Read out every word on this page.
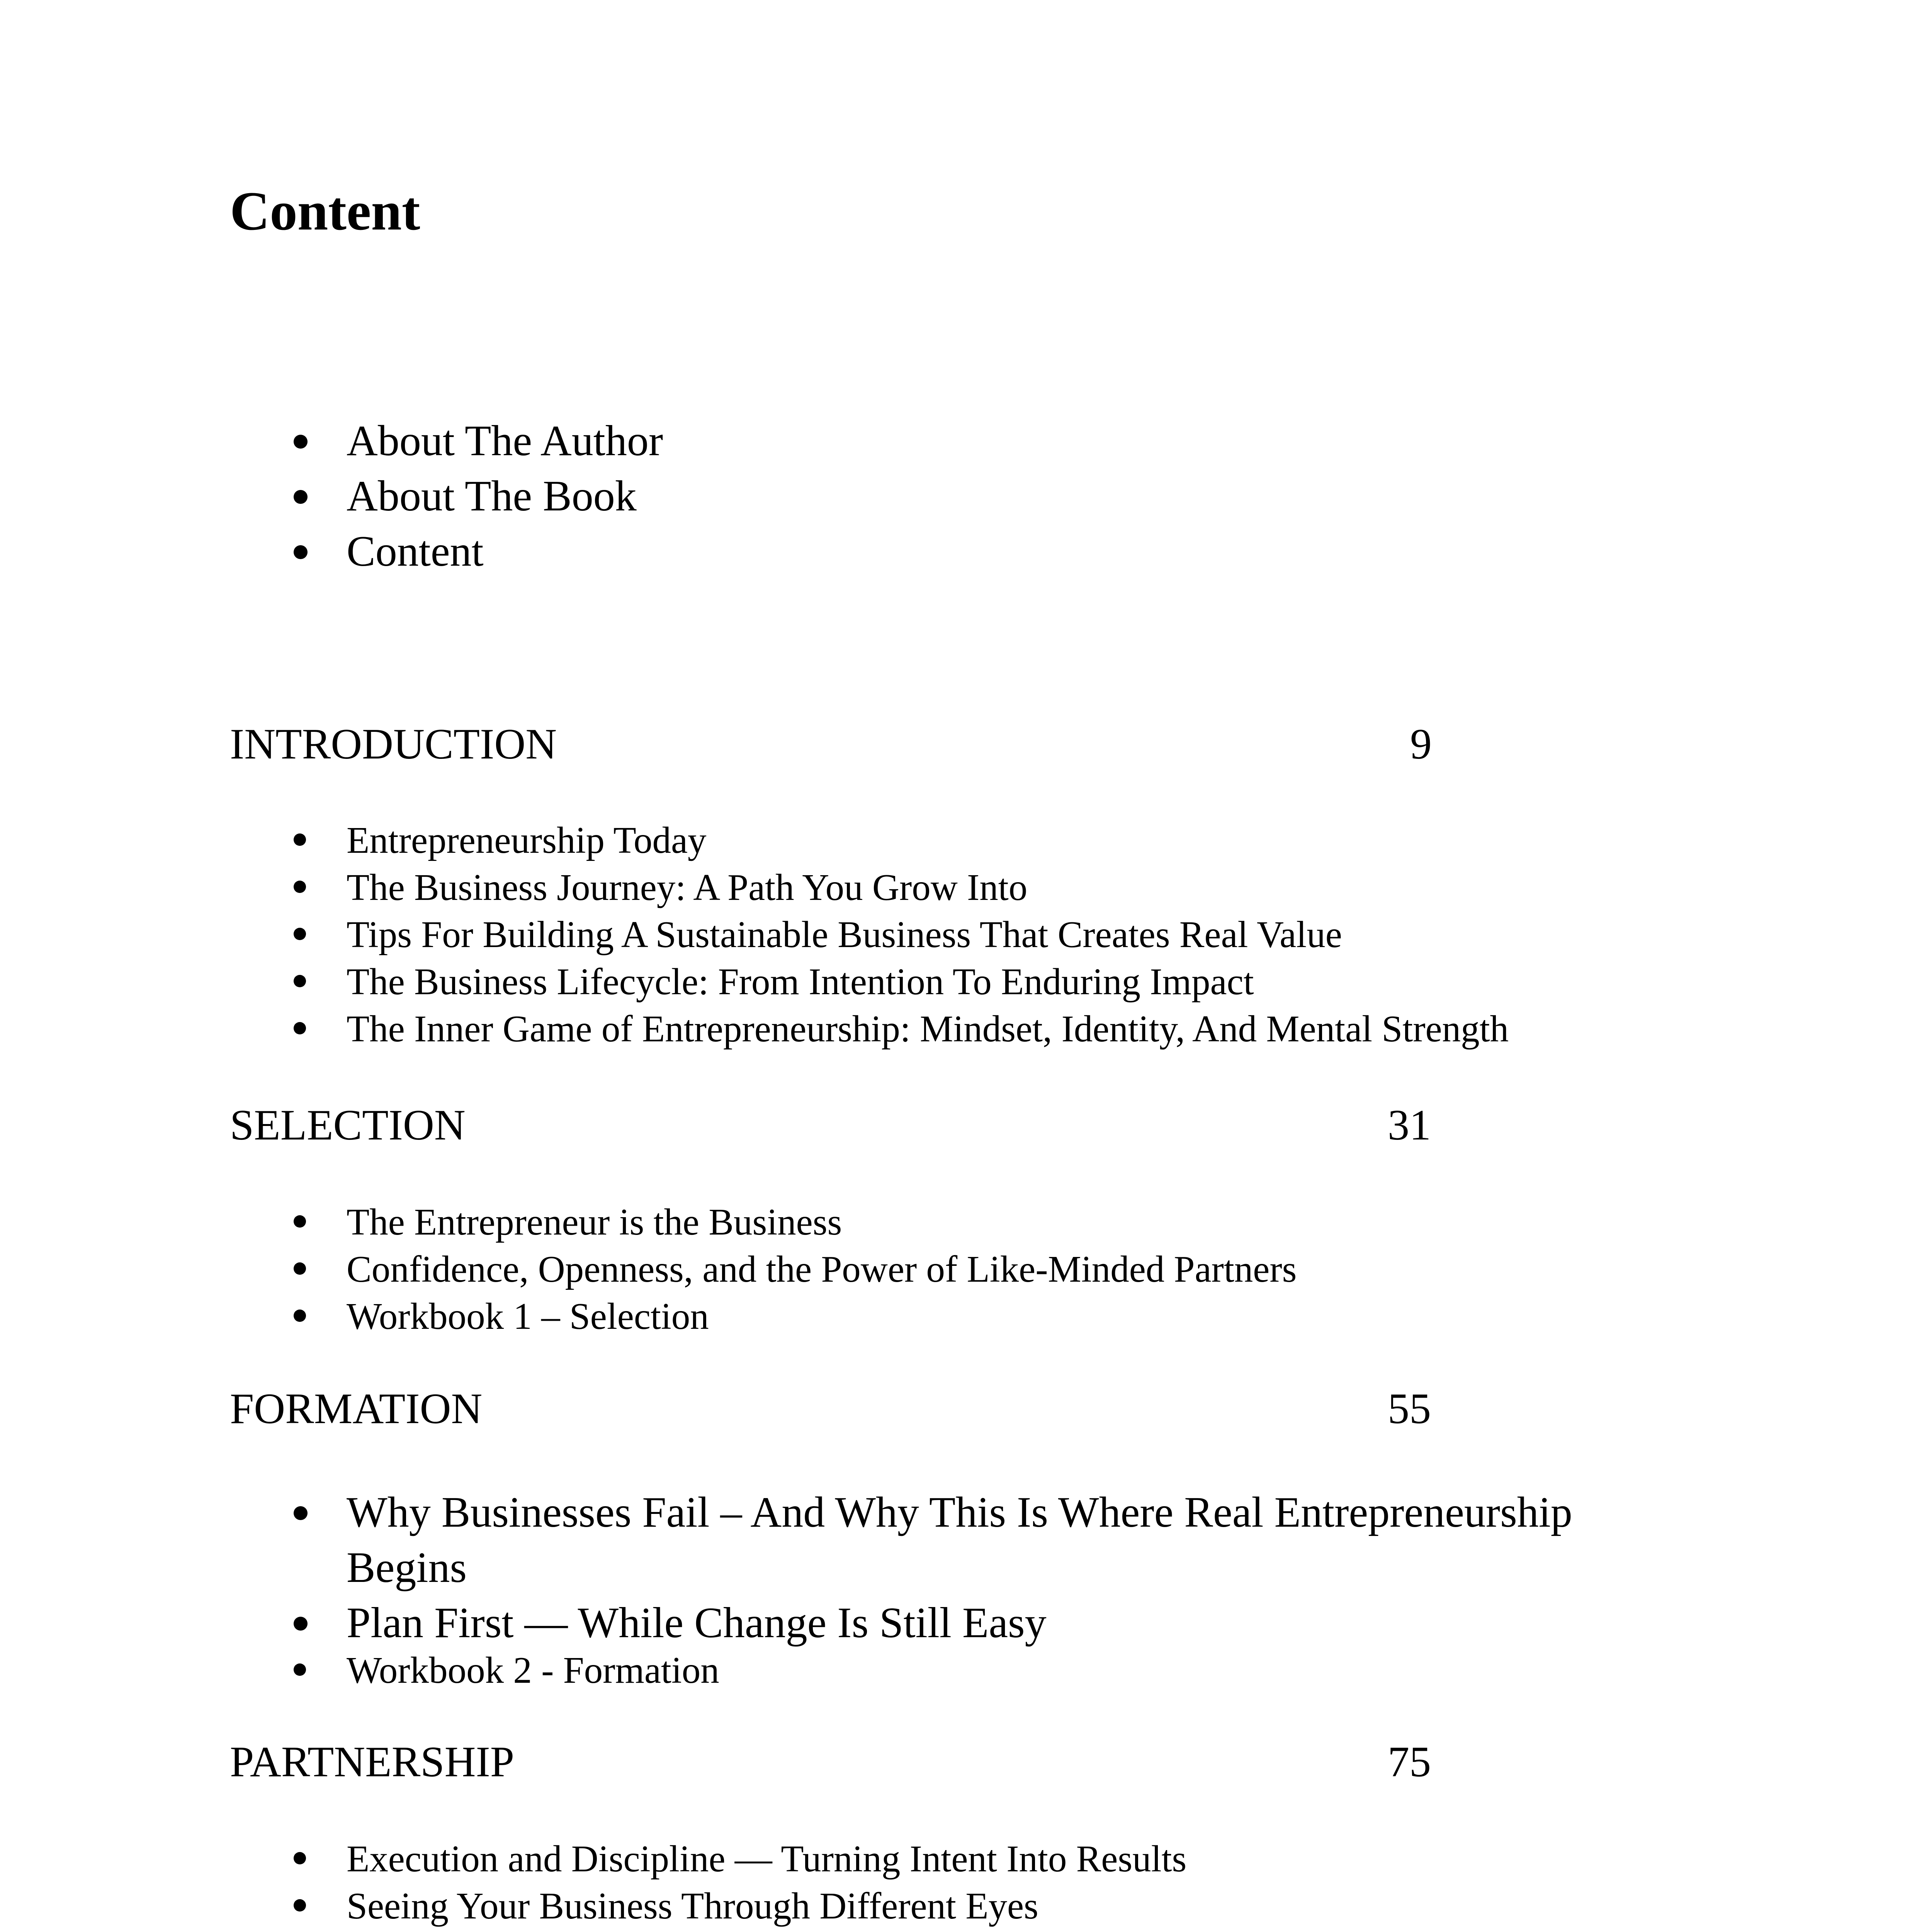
Content
About The Author
About The Book
Content
INTRODUCTION	9
Entrepreneurship Today
The Business Journey: A Path You Grow Into
Tips For Building A Sustainable Business That Creates Real Value
The Business Lifecycle: From Intention To Enduring Impact
The Inner Game of Entrepreneurship: Mindset, Identity, And Mental Strength
SELECTION	31
The Entrepreneur is the Business
Confidence, Openness, and the Power of Like-Minded Partners
Workbook 1 – Selection
FORMATION	55
Why Businesses Fail – And Why This Is Where Real Entrepreneurship Begins
Plan First — While Change Is Still Easy
Workbook 2 - Formation
PARTNERSHIP	75
Execution and Discipline — Turning Intent Into Results
Seeing Your Business Through Different Eyes
